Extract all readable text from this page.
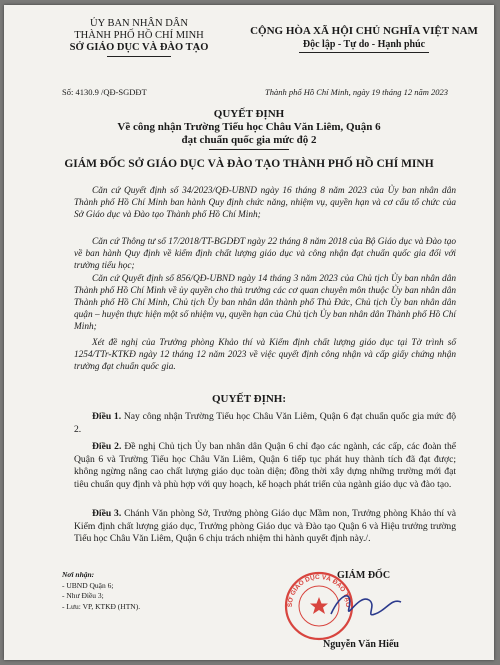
ỦY BAN NHÂN DÂN
THÀNH PHỐ HỒ CHÍ MINH
SỞ GIÁO DỤC VÀ ĐÀO TẠO
CỘNG HÒA XÃ HỘI CHỦ NGHĨA VIỆT NAM
Độc lập - Tự do - Hạnh phúc
Số: 4130.9 /QĐ-SGDĐT	Thành phố Hồ Chí Minh, ngày 19 tháng 12 năm 2023
QUYẾT ĐỊNH
Về công nhận Trường Tiểu học Châu Văn Liêm, Quận 6
đạt chuẩn quốc gia mức độ 2
GIÁM ĐỐC SỞ GIÁO DỤC VÀ ĐÀO TẠO THÀNH PHỐ HỒ CHÍ MINH
Căn cứ Quyết định số 34/2023/QĐ-UBND ngày 16 tháng 8 năm 2023 của Ủy ban nhân dân Thành phố Hồ Chí Minh ban hành Quy định chức năng, nhiệm vụ, quyền hạn và cơ cấu tổ chức của Sở Giáo dục và Đào tạo Thành phố Hồ Chí Minh;
Căn cứ Thông tư số 17/2018/TT-BGDĐT ngày 22 tháng 8 năm 2018 của Bộ Giáo dục và Đào tạo về ban hành Quy định về kiểm định chất lượng giáo dục và công nhận đạt chuẩn quốc gia đối với trường tiểu học;
Căn cứ Quyết định số 856/QĐ-UBND ngày 14 tháng 3 năm 2023 của Chủ tịch Ủy ban nhân dân Thành phố Hồ Chí Minh về ủy quyền cho thủ trưởng các cơ quan chuyên môn thuộc Ủy ban nhân dân Thành phố Hồ Chí Minh, Chủ tịch Ủy ban nhân dân thành phố Thủ Đức, Chủ tịch Ủy ban nhân dân quận – huyện thực hiện một số nhiệm vụ, quyền hạn của Chủ tịch Ủy ban nhân dân Thành phố Hồ Chí Minh;
Xét đề nghị của Trưởng phòng Khảo thí và Kiểm định chất lượng giáo dục tại Tờ trình số 1254/TTr-KTKĐ ngày 12 tháng 12 năm 2023 về việc quyết định công nhận và cấp giấy chứng nhận trường đạt chuẩn quốc gia.
QUYẾT ĐỊNH:
Điều 1. Nay công nhận Trường Tiểu học Châu Văn Liêm, Quận 6 đạt chuẩn quốc gia mức độ 2.
Điều 2. Đề nghị Chủ tịch Ủy ban nhân dân Quận 6 chỉ đạo các ngành, các cấp, các đoàn thể Quận 6 và Trường Tiểu học Châu Văn Liêm, Quận 6 tiếp tục phát huy thành tích đã đạt được; không ngừng nâng cao chất lượng giáo dục toàn diện; đồng thời xây dựng những trường mới đạt tiêu chuẩn quy định và phù hợp với quy hoạch, kế hoạch phát triển của ngành giáo dục và đào tạo.
Điều 3. Chánh Văn phòng Sở, Trưởng phòng Giáo dục Mầm non, Trưởng phòng Khảo thí và Kiểm định chất lượng giáo dục, Trưởng phòng Giáo dục và Đào tạo Quận 6 và Hiệu trưởng trường Tiểu học Châu Văn Liêm, Quận 6 chịu trách nhiệm thi hành quyết định này./.
Nơi nhận:
- UBND Quận 6;
- Như Điều 3;
- Lưu: VP, KTKĐ (HTN).	SỞ GIÁO DỤC VÀ ĐÀO TẠO
GIÁM ĐỐC
Nguyễn Văn Hiếu
